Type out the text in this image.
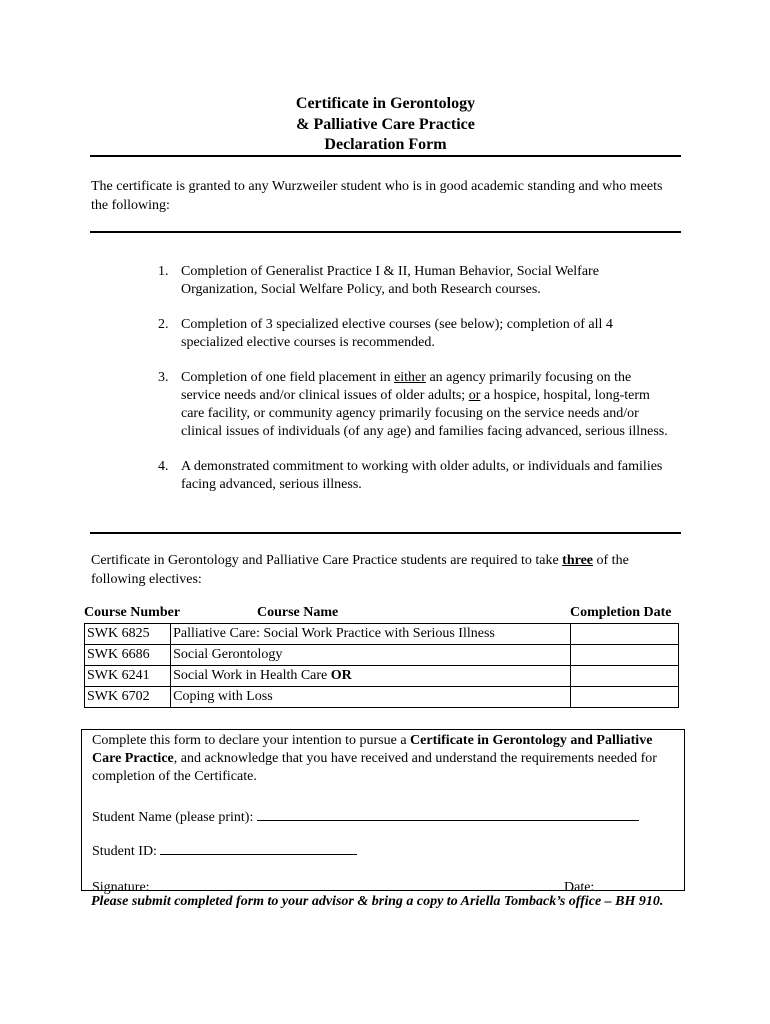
Certificate in Gerontology
& Palliative Care Practice
Declaration Form
The certificate is granted to any Wurzweiler student who is in good academic standing and who meets the following:
1. Completion of Generalist Practice I & II, Human Behavior, Social Welfare Organization, Social Welfare Policy, and both Research courses.
2. Completion of 3 specialized elective courses (see below); completion of all 4 specialized elective courses is recommended.
3. Completion of one field placement in either an agency primarily focusing on the service needs and/or clinical issues of older adults; or a hospice, hospital, long-term care facility, or community agency primarily focusing on the service needs and/or clinical issues of individuals (of any age) and families facing advanced, serious illness.
4. A demonstrated commitment to working with older adults, or individuals and families facing advanced, serious illness.
Certificate in Gerontology and Palliative Care Practice students are required to take three of the following electives:
Course Number	Course Name	Completion Date
SWK 6825	Palliative Care: Social Work Practice with Serious Illness	
SWK 6686	Social Gerontology	
SWK 6241	Social Work in Health Care OR	
SWK 6702	Coping with Loss	
Complete this form to declare your intention to pursue a Certificate in Gerontology and Palliative Care Practice, and acknowledge that you have received and understand the requirements needed for completion of the Certificate.
Student Name (please print):
Student ID:
Signature:	Date:
Please submit completed form to your advisor & bring a copy to Ariella Tomback’s office – BH 910.
